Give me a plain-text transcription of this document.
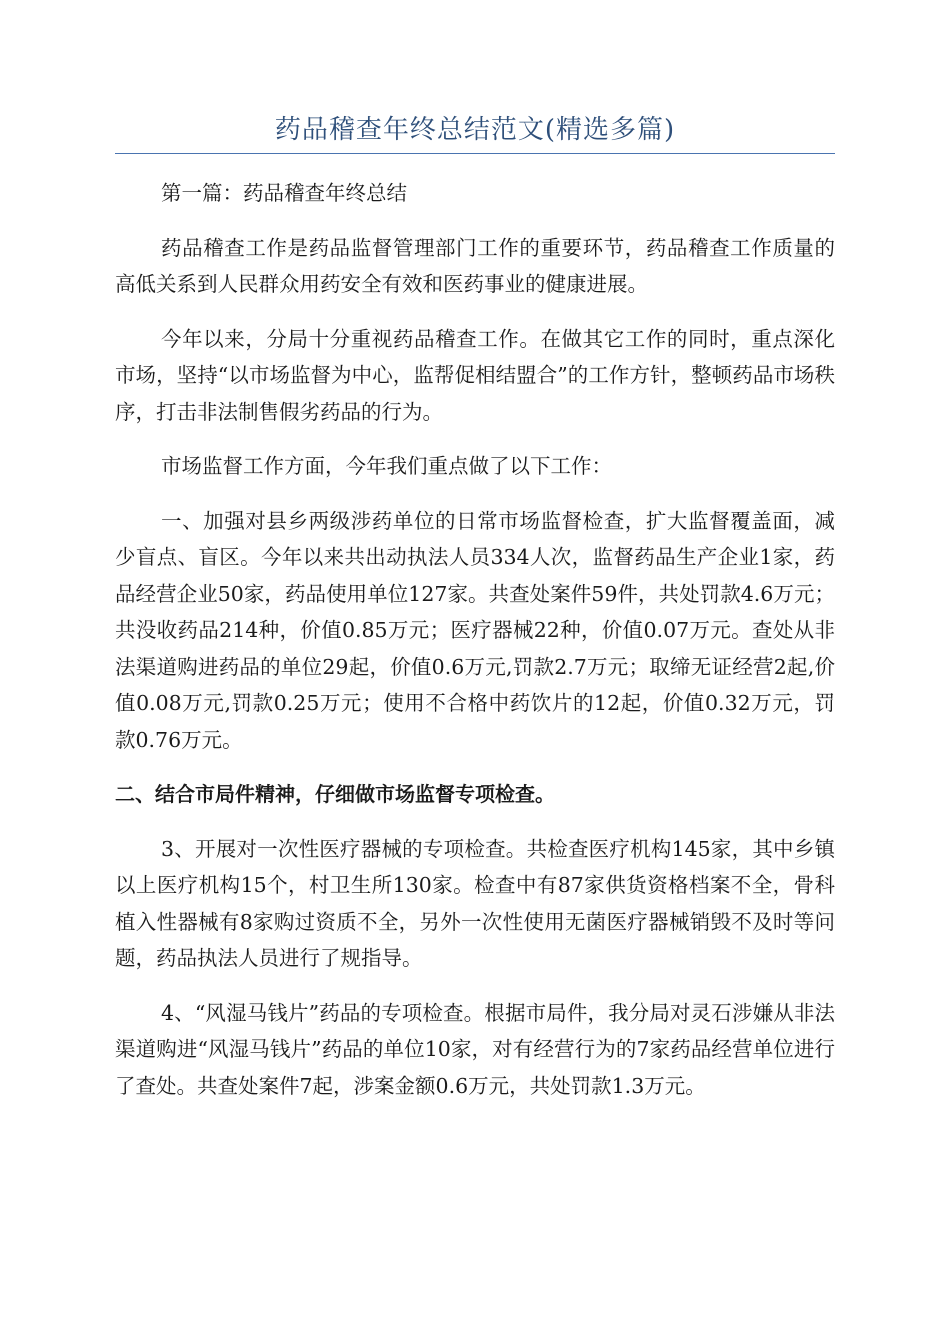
药品稽查年终总结范文(精选多篇)

第一篇：药品稽查年终总结

药品稽查工作是药品监督管理部门工作的重要环节，药品稽查工作质量的高低关系到人民群众用药安全有效和医药事业的健康进展。

今年以来，分局十分重视药品稽查工作。在做其它工作的同时，重点深化市场，坚持“以市场监督为中心，监帮促相结盟合”的工作方针，整顿药品市场秩序，打击非法制售假劣药品的行为。

市场监督工作方面，今年我们重点做了以下工作：

一、加强对县乡两级涉药单位的日常市场监督检查，扩大监督覆盖面，减少盲点、盲区。今年以来共出动执法人员334人次，监督药品生产企业1家，药品经营企业50家，药品使用单位127家。共查处案件59件，共处罚款4.6万元；共没收药品214种，价值0.85万元；医疗器械22种，价值0.07万元。查处从非法渠道购进药品的单位29起，价值0.6万元,罚款2.7万元；取缔无证经营2起,价值0.08万元,罚款0.25万元；使用不合格中药饮片的12起，价值0.32万元，罚款0.76万元。

二、结合市局件精神，仔细做市场监督专项检查。

3、开展对一次性医疗器械的专项检查。共检查医疗机构145家，其中乡镇以上医疗机构15个，村卫生所130家。检查中有87家供货资格档案不全，骨科植入性器械有8家购过资质不全，另外一次性使用无菌医疗器械销毁不及时等问题，药品执法人员进行了规指导。

4、“风湿马钱片”药品的专项检查。根据市局件，我分局对灵石涉嫌从非法渠道购进“风湿马钱片”药品的单位10家，对有经营行为的7家药品经营单位进行了查处。共查处案件7起，涉案金额0.6万元，共处罚款1.3万元。
